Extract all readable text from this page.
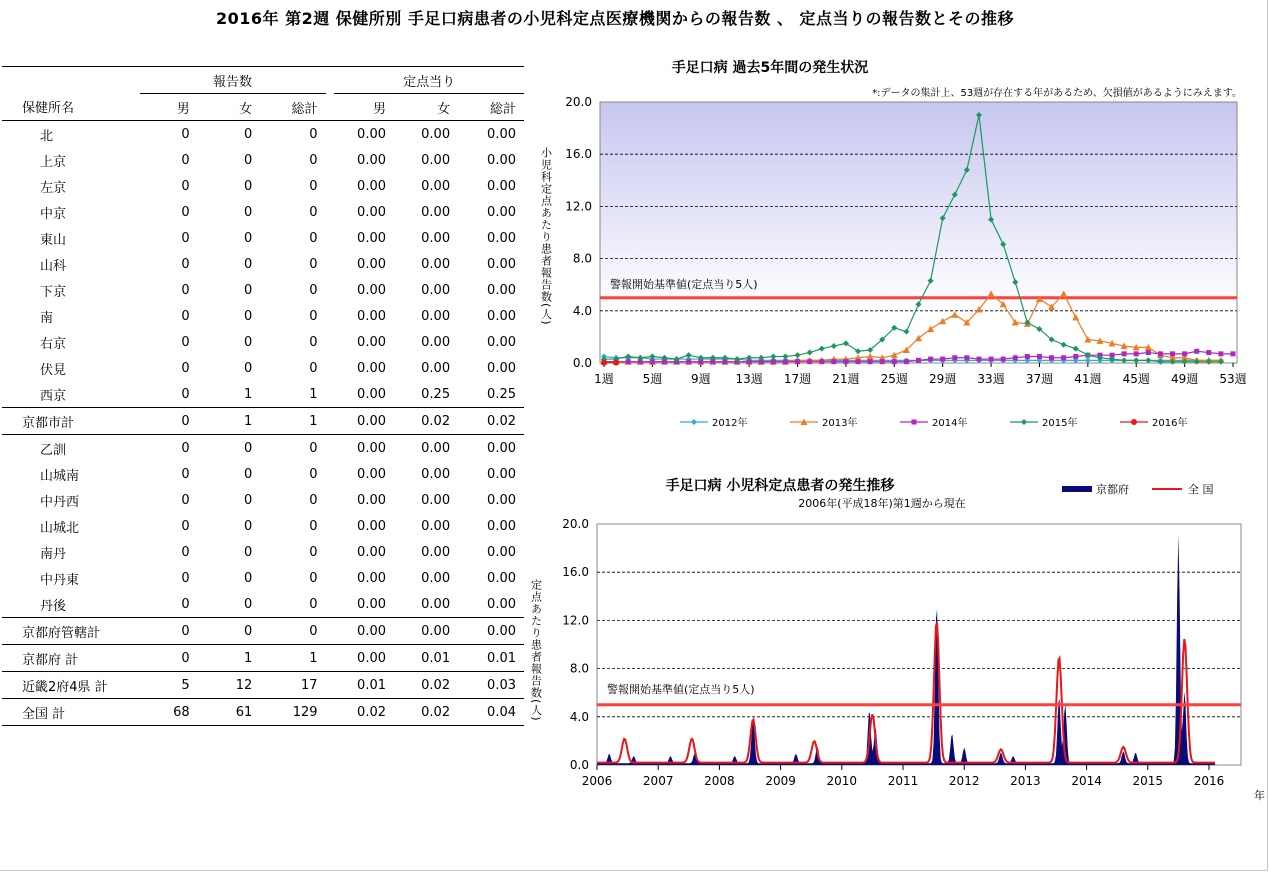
2016年 第2週 保健所別 手足口病患者の小児科定点医療機関からの報告数 、 定点当りの報告数とその推移
	報告数				定点当り		
保健所名	男	女	総計		男	女	総計
北	0	0	0		0.00	0.00	0.00
上京	0	0	0		0.00	0.00	0.00
左京	0	0	0		0.00	0.00	0.00
中京	0	0	0		0.00	0.00	0.00
東山	0	0	0		0.00	0.00	0.00
山科	0	0	0		0.00	0.00	0.00
下京	0	0	0		0.00	0.00	0.00
南	0	0	0		0.00	0.00	0.00
右京	0	0	0		0.00	0.00	0.00
伏見	0	0	0		0.00	0.00	0.00
西京	0	1	1		0.00	0.25	0.25
京都市計	0	1	1		0.00	0.02	0.02
乙訓	0	0	0		0.00	0.00	0.00
山城南	0	0	0		0.00	0.00	0.00
中丹西	0	0	0		0.00	0.00	0.00
山城北	0	0	0		0.00	0.00	0.00
南丹	0	0	0		0.00	0.00	0.00
中丹東	0	0	0		0.00	0.00	0.00
丹後	0	0	0		0.00	0.00	0.00
京都府管轄計	0	0	0		0.00	0.00	0.00
京都府 計	0	1	1		0.00	0.01	0.01
近畿2府4県 計	5	12	17		0.01	0.02	0.03
全国 計	68	61	129		0.02	0.02	0.04
手足口病 過去5年間の発生状況
*:データの集計上、53週が存在する年があるため、欠損値があるようにみえます。
0.0
4.0
8.0
12.0
16.0
20.0
1週 5週 9週 13週 17週 21週 25週 29週 33週 37週 41週 45週 49週 53週
小児科定点あたり患者報告数(人)	警報開始基準値(定点当り5人)
2012年	2013年	2014年	2015年	2016年
手足口病 小児科定点患者の発生推移
2006年(平成18年)第1週から現在
0.0
4.0
8.0
12.0
16.0
20.0
2006	2007	2008	2009	2010	2011	2012	2013	2014	2015	2016
年
定点あたり患者報告数(人)	警報開始基準値(定点当り5人)
京都府	全 国
